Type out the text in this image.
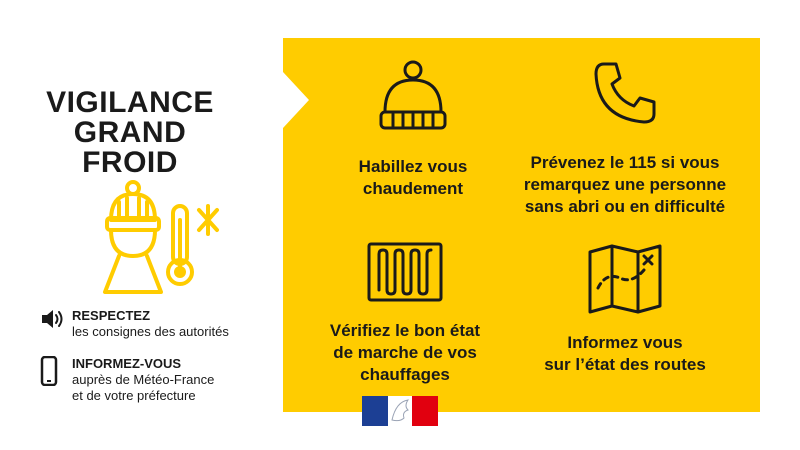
VIGILANCE
GRAND
FROID
RESPECTEZ
les consignes des autorités
INFORMEZ-VOUS
auprès de Météo-France
et de votre préfecture
Habillez vous
chaudement
Prévenez le 115 si vous
remarquez une personne
sans abri ou en difficulté
Vérifiez le bon état
de marche de vos
chauffages
Informez vous
sur l’état des routes
